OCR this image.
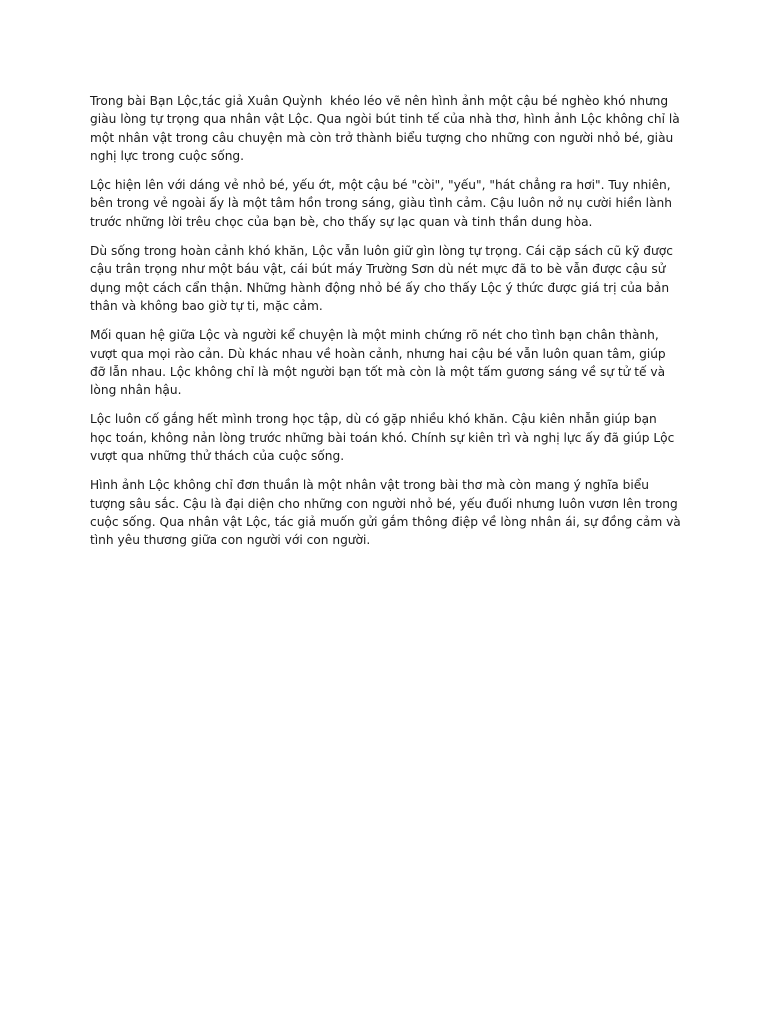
Trong bài Bạn Lộc,tác giả Xuân Quỳnh  khéo léo vẽ nên hình ảnh một cậu bé nghèo khó nhưng giàu lòng tự trọng qua nhân vật Lộc. Qua ngòi bút tinh tế của nhà thơ, hình ảnh Lộc không chỉ là một nhân vật trong câu chuyện mà còn trở thành biểu tượng cho những con người nhỏ bé, giàu nghị lực trong cuộc sống.

Lộc hiện lên với dáng vẻ nhỏ bé, yếu ớt, một cậu bé "còi", "yếu", "hát chẳng ra hơi". Tuy nhiên, bên trong vẻ ngoài ấy là một tâm hồn trong sáng, giàu tình cảm. Cậu luôn nở nụ cười hiền lành trước những lời trêu chọc của bạn bè, cho thấy sự lạc quan và tinh thần dung hòa.

Dù sống trong hoàn cảnh khó khăn, Lộc vẫn luôn giữ gìn lòng tự trọng. Cái cặp sách cũ kỹ được cậu trân trọng như một báu vật, cái bút máy Trường Sơn dù nét mực đã to bè vẫn được cậu sử dụng một cách cẩn thận. Những hành động nhỏ bé ấy cho thấy Lộc ý thức được giá trị của bản thân và không bao giờ tự ti, mặc cảm.

Mối quan hệ giữa Lộc và người kể chuyện là một minh chứng rõ nét cho tình bạn chân thành, vượt qua mọi rào cản. Dù khác nhau về hoàn cảnh, nhưng hai cậu bé vẫn luôn quan tâm, giúp đỡ lẫn nhau. Lộc không chỉ là một người bạn tốt mà còn là một tấm gương sáng về sự tử tế và lòng nhân hậu.

Lộc luôn cố gắng hết mình trong học tập, dù có gặp nhiều khó khăn. Cậu kiên nhẫn giúp bạn học toán, không nản lòng trước những bài toán khó. Chính sự kiên trì và nghị lực ấy đã giúp Lộc vượt qua những thử thách của cuộc sống.

Hình ảnh Lộc không chỉ đơn thuần là một nhân vật trong bài thơ mà còn mang ý nghĩa biểu tượng sâu sắc. Cậu là đại diện cho những con người nhỏ bé, yếu đuối nhưng luôn vươn lên trong cuộc sống. Qua nhân vật Lộc, tác giả muốn gửi gắm thông điệp về lòng nhân ái, sự đồng cảm và tình yêu thương giữa con người với con người.
